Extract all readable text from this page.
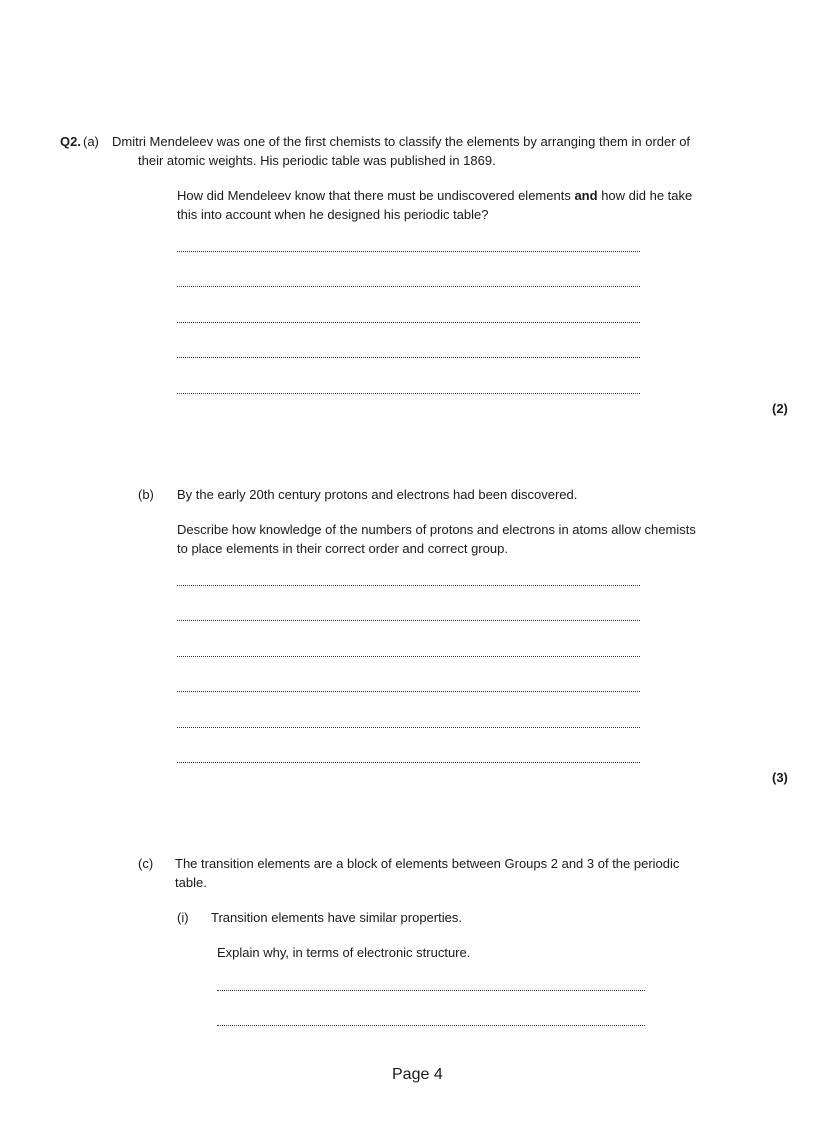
Q2. (a) Dmitri Mendeleev was one of the first chemists to classify the elements by arranging them in order of
their atomic weights. His periodic table was published in 1869.
How did Mendeleev know that there must be undiscovered elements and how did he take
this into account when he designed his periodic table?
(2)
(b) By the early 20th century protons and electrons had been discovered.
Describe how knowledge of the numbers of protons and electrons in atoms allow chemists
to place elements in their correct order and correct group.
(3)
(c) The transition elements are a block of elements between Groups 2 and 3 of the periodic
table.
(i) Transition elements have similar properties.
Explain why, in terms of electronic structure.
Page 4
